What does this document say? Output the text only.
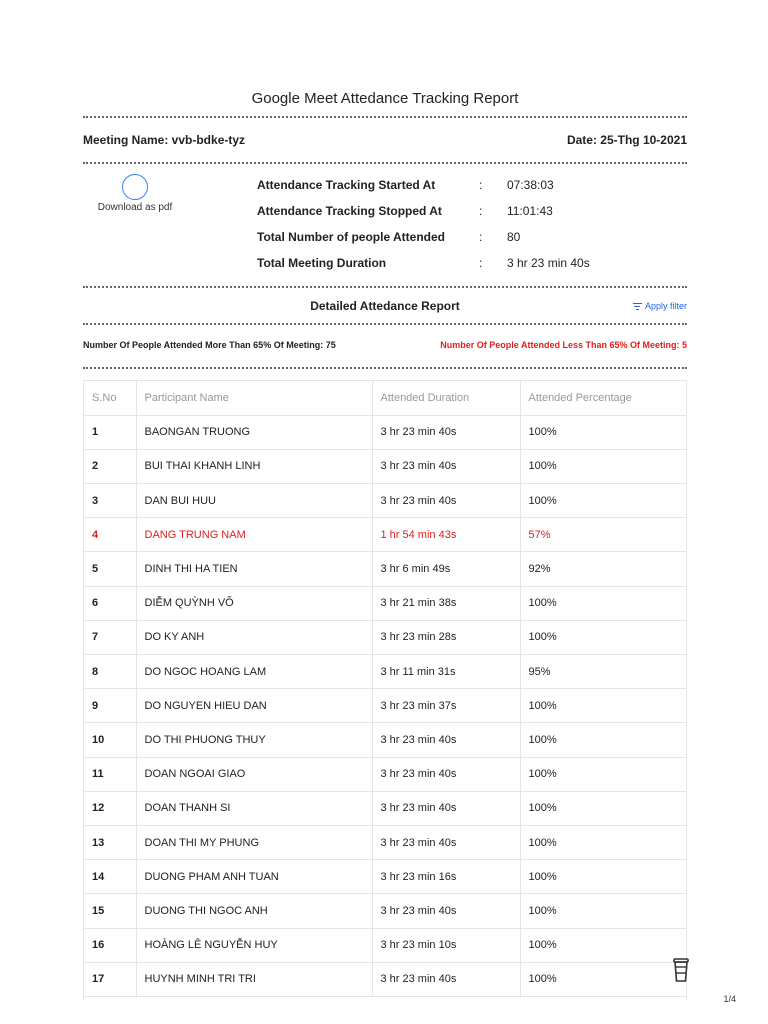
Google Meet Attedance Tracking Report
Meeting Name: vvb-bdke-tyz	Date: 25-Thg 10-2021
Download as pdf
Attendance Tracking Started At	: 07:38:03
Attendance Tracking Stopped At	: 11:01:43
Total Number of people Attended	: 80
Total Meeting Duration	: 3 hr 23 min 40s
Detailed Attedance Report	Apply filter
Number Of People Attended More Than 65% Of Meeting: 75	Number Of People Attended Less Than 65% Of Meeting: 5
S.No	Participant Name	Attended Duration	Attended Percentage
1	BAONGAN TRUONG	3 hr 23 min 40s	100%
2	BUI THAI KHANH LINH	3 hr 23 min 40s	100%
3	DAN BUI HUU	3 hr 23 min 40s	100%
4	DANG TRUNG NAM	1 hr 54 min 43s	57%
5	DINH THI HA TIEN	3 hr 6 min 49s	92%
6	DIỄM QUỲNH VÕ	3 hr 21 min 38s	100%
7	DO KY ANH	3 hr 23 min 28s	100%
8	DO NGOC HOANG LAM	3 hr 11 min 31s	95%
9	DO NGUYEN HIEU DAN	3 hr 23 min 37s	100%
10	DO THI PHUONG THUY	3 hr 23 min 40s	100%
11	DOAN NGOAI GIAO	3 hr 23 min 40s	100%
12	DOAN THANH SI	3 hr 23 min 40s	100%
13	DOAN THI MY PHUNG	3 hr 23 min 40s	100%
14	DUONG PHAM ANH TUAN	3 hr 23 min 16s	100%
15	DUONG THI NGOC ANH	3 hr 23 min 40s	100%
16	HOÀNG LÊ NGUYỄN HUY	3 hr 23 min 10s	100%
17	HUYNH MINH TRI TRI	3 hr 23 min 40s	100%
1/4
